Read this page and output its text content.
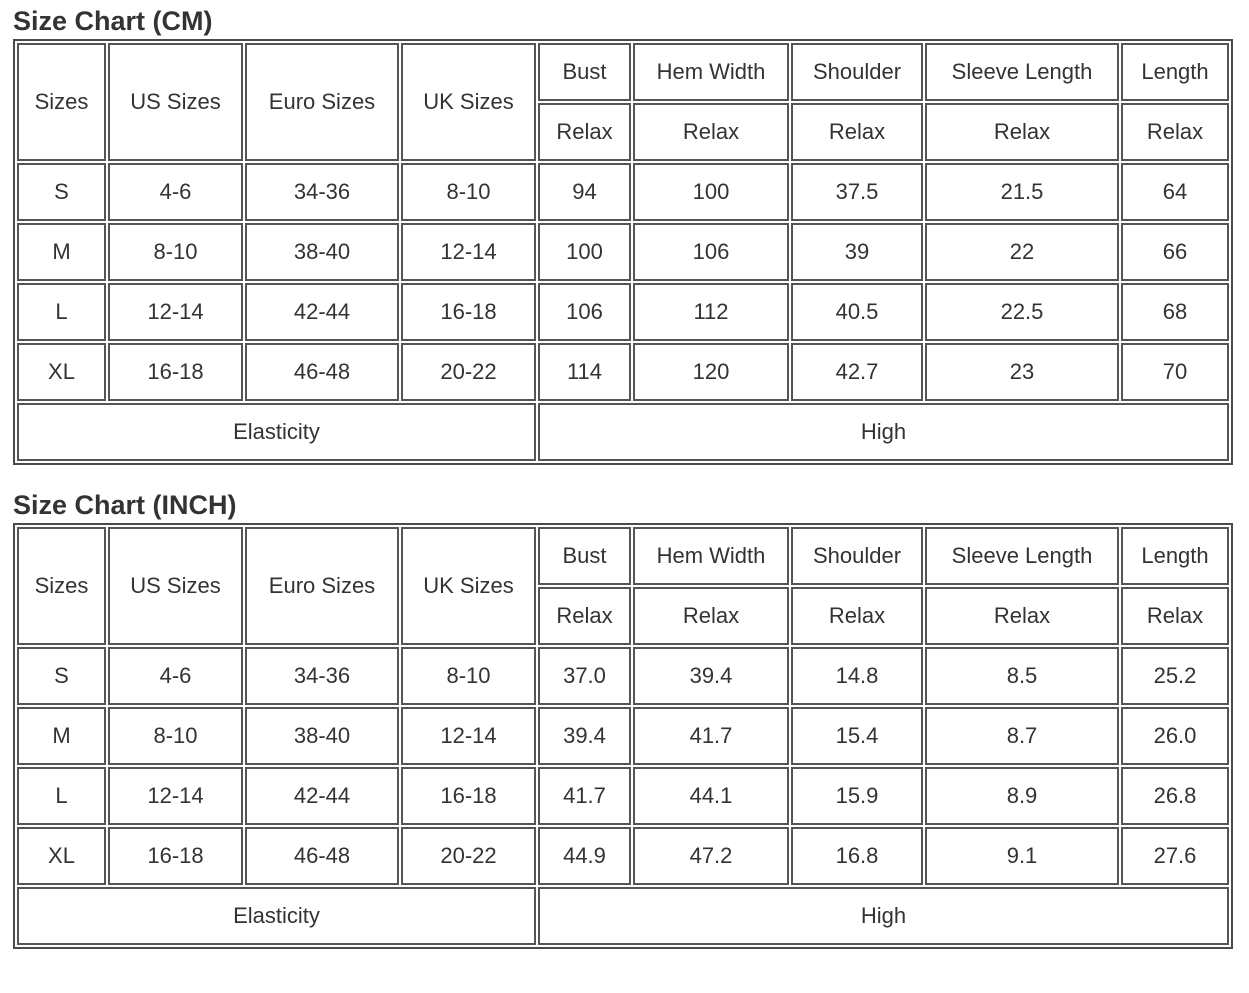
Size Chart (CM)
Sizes	US Sizes	Euro Sizes	UK Sizes	Bust	Hem Width	Shoulder	Sleeve Length	Length
				Relax	Relax	Relax	Relax	Relax
S	4-6	34-36	8-10	94	100	37.5	21.5	64
M	8-10	38-40	12-14	100	106	39	22	66
L	12-14	42-44	16-18	106	112	40.5	22.5	68
XL	16-18	46-48	20-22	114	120	42.7	23	70
Elasticity				High				
Size Chart (INCH)
Sizes	US Sizes	Euro Sizes	UK Sizes	Bust	Hem Width	Shoulder	Sleeve Length	Length
				Relax	Relax	Relax	Relax	Relax
S	4-6	34-36	8-10	37.0	39.4	14.8	8.5	25.2
M	8-10	38-40	12-14	39.4	41.7	15.4	8.7	26.0
L	12-14	42-44	16-18	41.7	44.1	15.9	8.9	26.8
XL	16-18	46-48	20-22	44.9	47.2	16.8	9.1	27.6
Elasticity				High				
